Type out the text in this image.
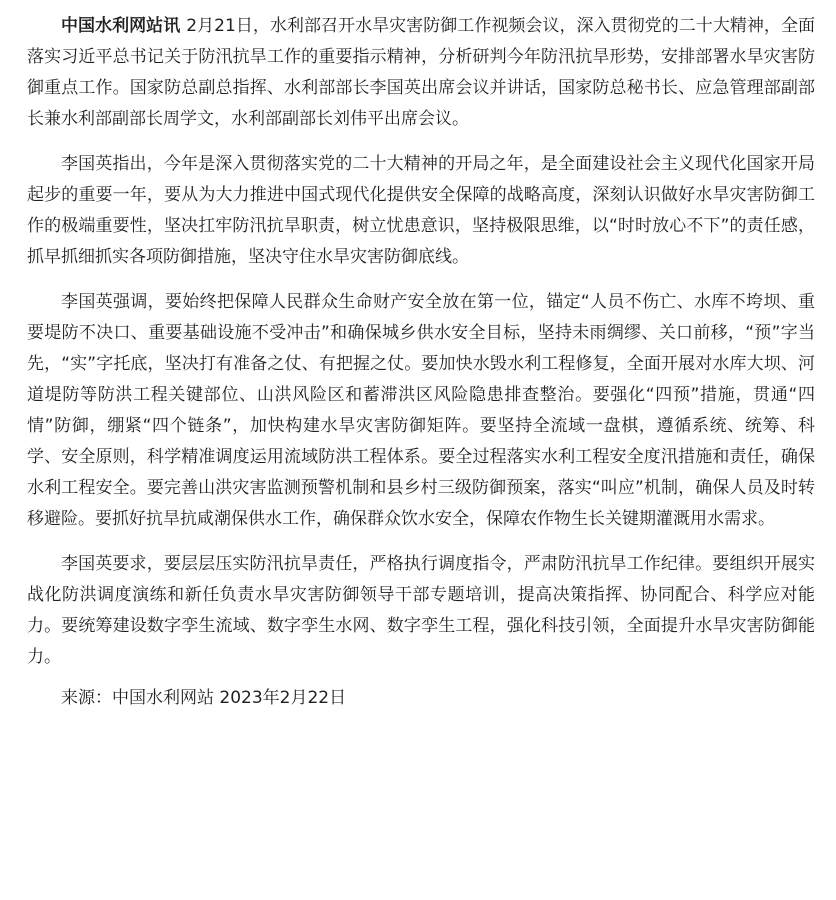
中国水利网站讯 2月21日，水利部召开水旱灾害防御工作视频会议，深入贯彻党的二十大精神，全面落实习近平总书记关于防汛抗旱工作的重要指示精神，分析研判今年防汛抗旱形势，安排部署水旱灾害防御重点工作。国家防总副总指挥、水利部部长李国英出席会议并讲话，国家防总秘书长、应急管理部副部长兼水利部副部长周学文，水利部副部长刘伟平出席会议。

李国英指出，今年是深入贯彻落实党的二十大精神的开局之年，是全面建设社会主义现代化国家开局起步的重要一年，要从为大力推进中国式现代化提供安全保障的战略高度，深刻认识做好水旱灾害防御工作的极端重要性，坚决扛牢防汛抗旱职责，树立忧患意识，坚持极限思维，以“时时放心不下”的责任感，抓早抓细抓实各项防御措施，坚决守住水旱灾害防御底线。

李国英强调，要始终把保障人民群众生命财产安全放在第一位，锚定“人员不伤亡、水库不垮坝、重要堤防不决口、重要基础设施不受冲击”和确保城乡供水安全目标，坚持未雨绸缪、关口前移，“预”字当先，“实”字托底，坚决打有准备之仗、有把握之仗。要加快水毁水利工程修复，全面开展对水库大坝、河道堤防等防洪工程关键部位、山洪风险区和蓄滞洪区风险隐患排查整治。要强化“四预”措施，贯通“四情”防御，绷紧“四个链条”，加快构建水旱灾害防御矩阵。要坚持全流域一盘棋，遵循系统、统筹、科学、安全原则，科学精准调度运用流域防洪工程体系。要全过程落实水利工程安全度汛措施和责任，确保水利工程安全。要完善山洪灾害监测预警机制和县乡村三级防御预案，落实“叫应”机制，确保人员及时转移避险。要抓好抗旱抗咸潮保供水工作，确保群众饮水安全，保障农作物生长关键期灌溉用水需求。

李国英要求，要层层压实防汛抗旱责任，严格执行调度指令，严肃防汛抗旱工作纪律。要组织开展实战化防洪调度演练和新任负责水旱灾害防御领导干部专题培训，提高决策指挥、协同配合、科学应对能力。要统筹建设数字孪生流域、数字孪生水网、数字孪生工程，强化科技引领，全面提升水旱灾害防御能力。

来源：中国水利网站 2023年2月22日
